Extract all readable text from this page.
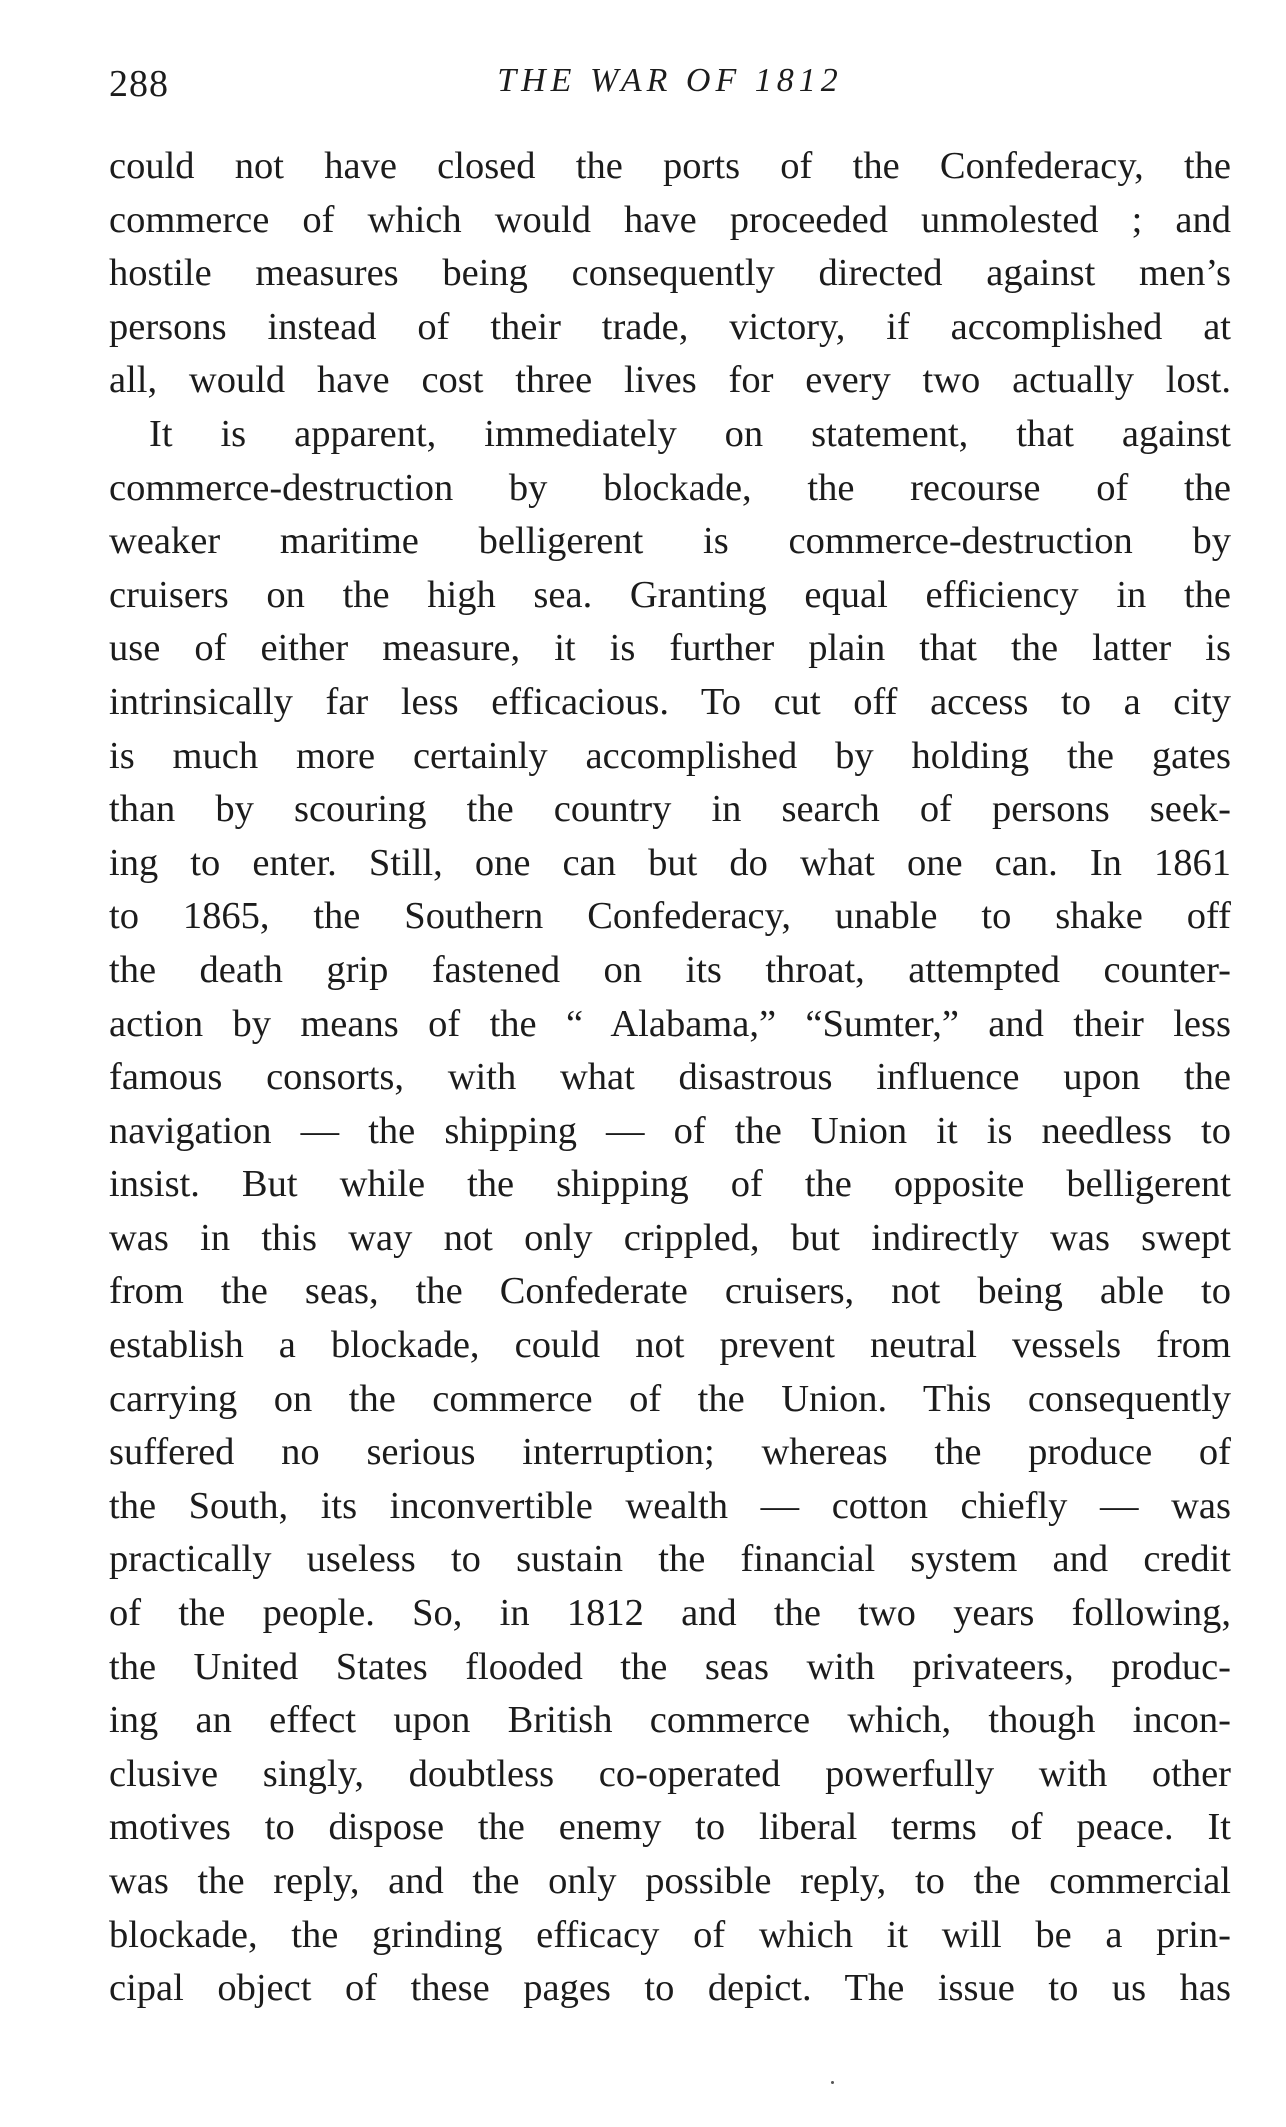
288	THE WAR OF 1812
could not have closed the ports of the Confederacy, the
commerce of which would have proceeded unmolested ; and
hostile measures being consequently directed against men’s
persons instead of their trade, victory, if accomplished at
all, would have cost three lives for every two actually lost.
It is apparent, immediately on statement, that against
commerce-destruction by blockade, the recourse of the
weaker maritime belligerent is commerce-destruction by
cruisers on the high sea. Granting equal efficiency in the
use of either measure, it is further plain that the latter is
intrinsically far less efficacious. To cut off access to a city
is much more certainly accomplished by holding the gates
than by scouring the country in search of persons seek-
ing to enter. Still, one can but do what one can. In 1861
to 1865, the Southern Confederacy, unable to shake off
the death grip fastened on its throat, attempted counter-
action by means of the “ Alabama,” “Sumter,” and their less
famous consorts, with what disastrous influence upon the
navigation — the shipping — of the Union it is needless to
insist. But while the shipping of the opposite belligerent
was in this way not only crippled, but indirectly was swept
from the seas, the Confederate cruisers, not being able to
establish a blockade, could not prevent neutral vessels from
carrying on the commerce of the Union. This consequently
suffered no serious interruption; whereas the produce of
the South, its inconvertible wealth — cotton chiefly — was
practically useless to sustain the financial system and credit
of the people. So, in 1812 and the two years following,
the United States flooded the seas with privateers, produc-
ing an effect upon British commerce which, though incon-
clusive singly, doubtless co-operated powerfully with other
motives to dispose the enemy to liberal terms of peace. It
was the reply, and the only possible reply, to the commercial
blockade, the grinding efficacy of which it will be a prin-
cipal object of these pages to depict. The issue to us has
